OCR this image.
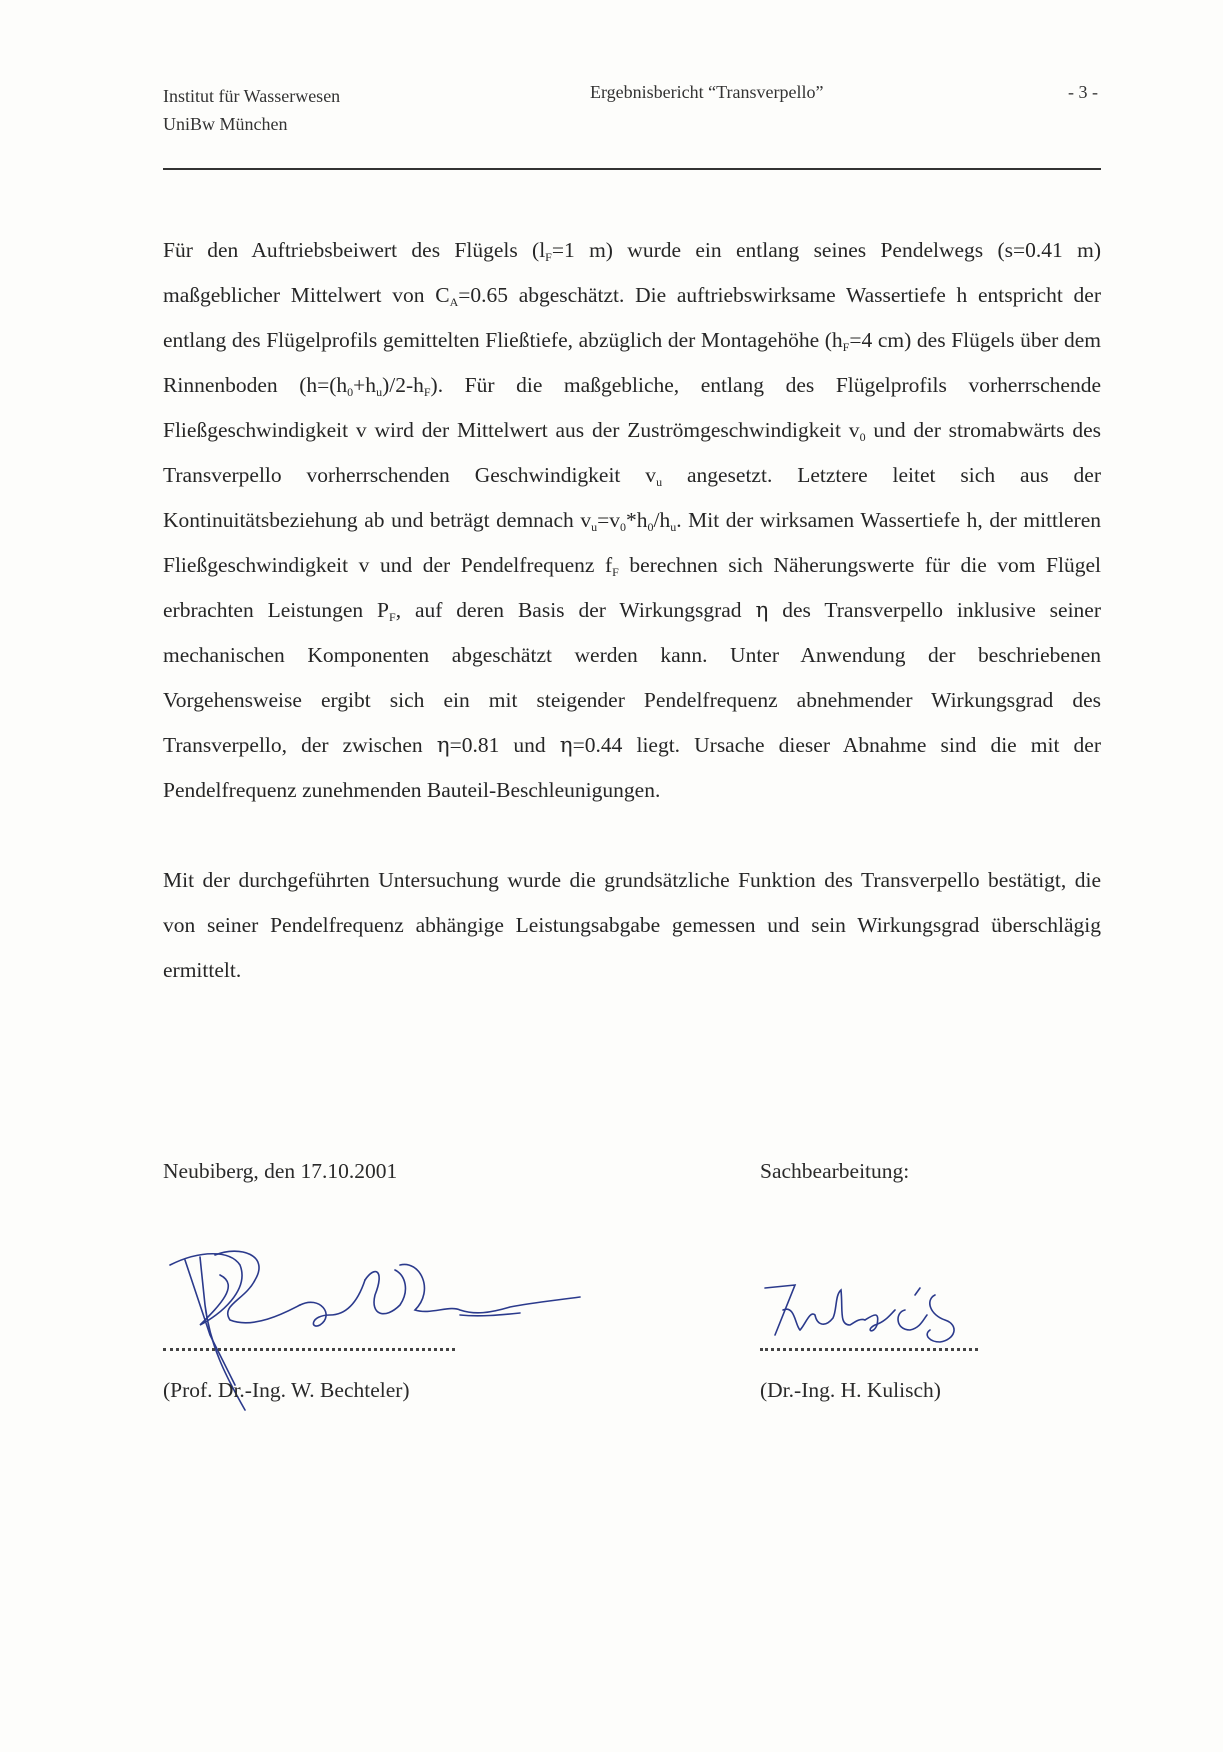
Institut für Wasserwesen
UniBw München
Ergebnisbericht “Transverpello”	- 3 -

Für den Auftriebsbeiwert des Flügels ($l_F=1$ m) wurde ein entlang seines Pendelwegs (s=0.41 m) maßgeblicher Mittelwert von $C_A=0.65$ abgeschätzt. Die auftriebswirksame Wassertiefe h entspricht der entlang des Flügelprofils gemittelten Fließtiefe, abzüglich der Montagehöhe ($h_F=4$ cm) des Flügels über dem Rinnenboden $(h=(h_0+h_u)/2-h_F)$. Für die maßgebliche, entlang des Flügelprofils vorherrschende Fließgeschwindigkeit v wird der Mittelwert aus der Zuströmgeschwindigkeit $v_0$ und der stromabwärts des Transverpello vorherrschenden Geschwindigkeit $v_u$ angesetzt. Letztere leitet sich aus der Kontinuitätsbeziehung ab und beträgt demnach $v_u=v_0*h_0/h_u$. Mit der wirksamen Wassertiefe h, der mittleren Fließgeschwindigkeit v und der Pendelfrequenz $f_F$ berechnen sich Näherungswerte für die vom Flügel erbrachten Leistungen $P_F$, auf deren Basis der Wirkungsgrad η des Transverpello inklusive seiner mechanischen Komponenten abgeschätzt werden kann. Unter Anwendung der beschriebenen Vorgehensweise ergibt sich ein mit steigender Pendelfrequenz abnehmender Wirkungsgrad des Transverpello, der zwischen η=0.81 und η=0.44 liegt. Ursache dieser Abnahme sind die mit der Pendelfrequenz zunehmenden Bauteil-Beschleunigungen.

Mit der durchgeführten Untersuchung wurde die grundsätzliche Funktion des Transverpello bestätigt, die von seiner Pendelfrequenz abhängige Leistungsabgabe gemessen und sein Wirkungsgrad überschlägig ermittelt.

Neubiberg, den 17.10.2001	Sachbearbeitung:
(Prof. Dr.-Ing. W. Bechteler)	(Dr.-Ing. H. Kulisch)
